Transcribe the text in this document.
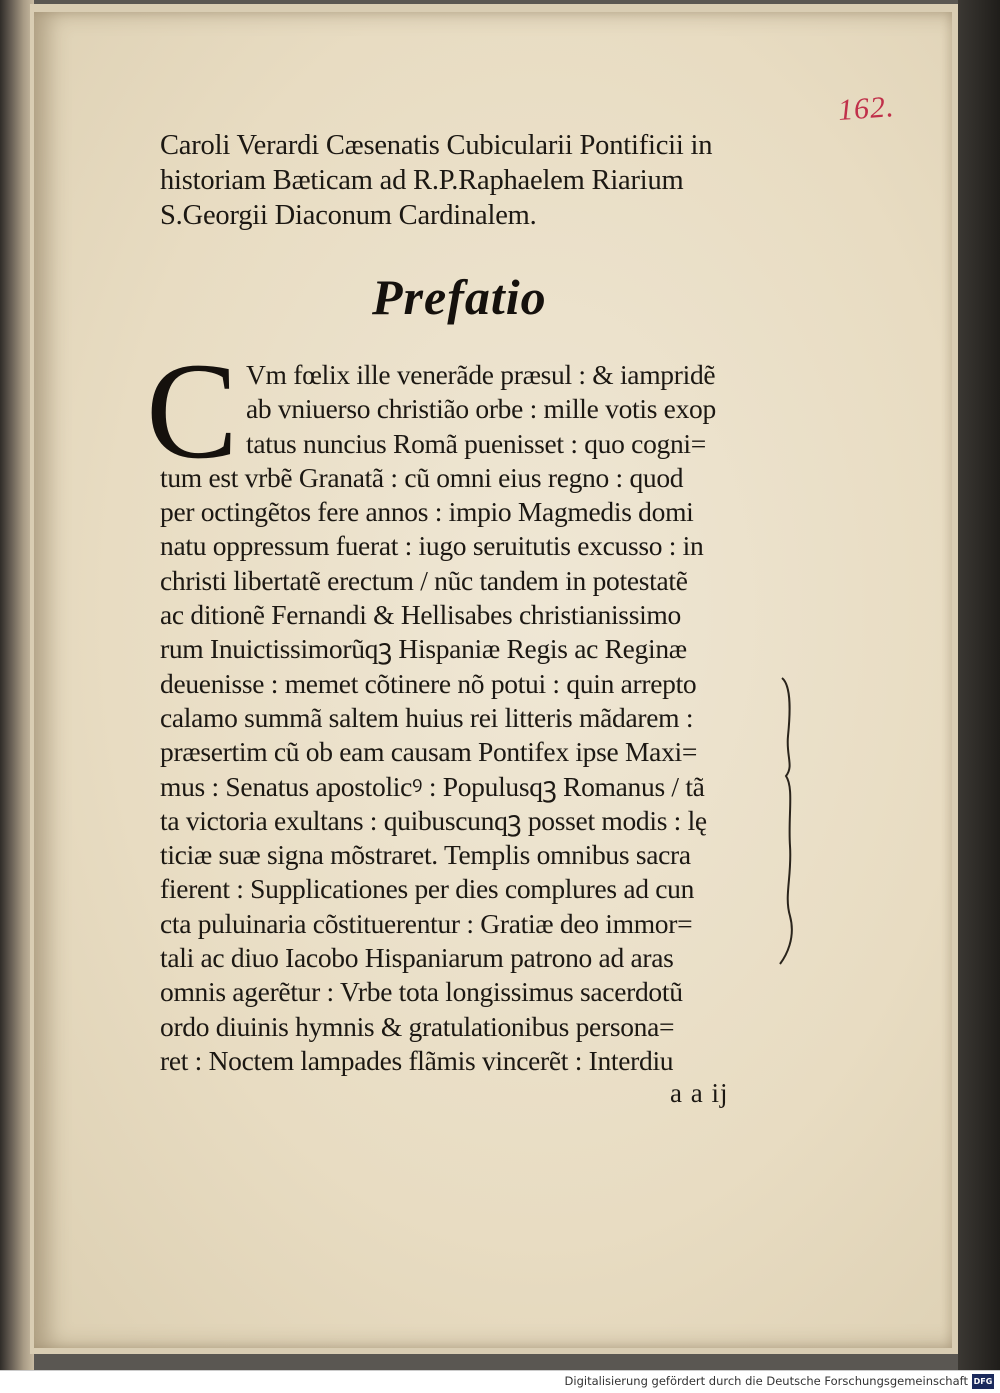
162.

Caroli Verardi Cæsenatis Cubicularii Pontificii in

historiam Bæticam ad R.P.Raphaelem Riarium

S.Georgii Diaconum Cardinalem.

Prefatio

C Vm fœlix ille venerãde præsul : & iampridẽ

ab vniuerso christião orbe : mille votis exop

tatus nuncius Romã puenisset : quo cogni=

tum est vrbẽ Granatã : cũ omni eius regno : quod

per octingẽtos fere annos : impio Magmedis domi

natu oppressum fuerat : iugo seruitutis excusso : in

christi libertatẽ erectum / nũc tandem in potestatẽ

ac ditionẽ Fernandi & Hellisabes christianissimo

rum Inuictissimorũqꝫ Hispaniæ Regis ac Reginæ

deuenisse : memet cõtinere nõ potui : quin arrepto

calamo summã saltem huius rei litteris mãdarem :

præsertim cũ ob eam causam Pontifex ipse Maxi=

mus : Senatus apostolicꝰ : Populusqꝫ Romanus / tã

ta victoria exultans : quibuscunqꝫ posset modis : lę

ticiæ suæ signa mõstraret. Templis omnibus sacra

fierent : Supplicationes per dies complures ad cun

cta puluinaria cõstituerentur : Gratiæ deo immor=

tali ac diuo Iacobo Hispaniarum patrono ad aras

omnis agerẽtur : Vrbe tota longissimus sacerdotũ

ordo diuinis hymnis & gratulationibus persona=

ret : Noctem lampades flãmis vincerẽt : Interdiu

a a ij

Digitalisierung gefördert durch die Deutsche Forschungsgemeinschaft DFG
